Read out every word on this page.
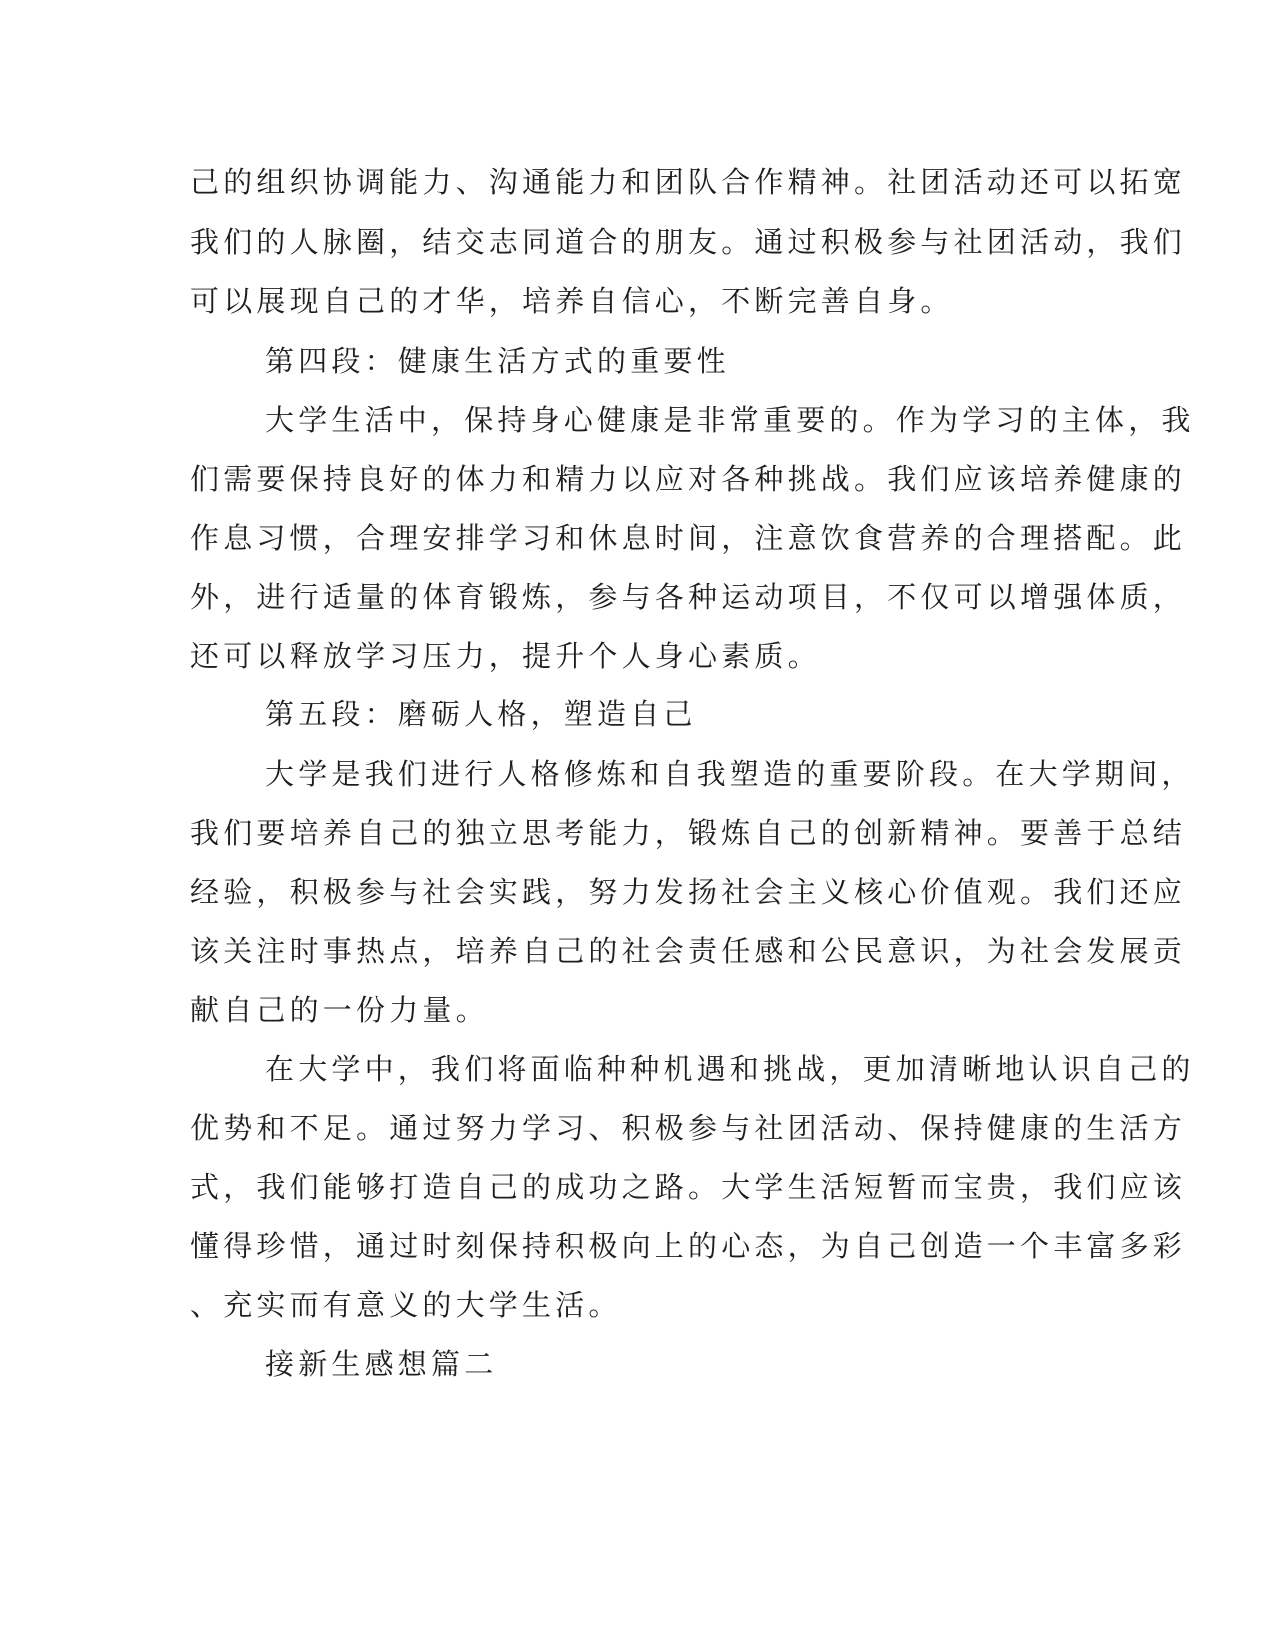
己的组织协调能力、沟通能力和团队合作精神。社团活动还可以拓宽

我们的人脉圈，结交志同道合的朋友。通过积极参与社团活动，我们

可以展现自己的才华，培养自信心，不断完善自身。

第四段：健康生活方式的重要性

大学生活中，保持身心健康是非常重要的。作为学习的主体，我

们需要保持良好的体力和精力以应对各种挑战。我们应该培养健康的

作息习惯，合理安排学习和休息时间，注意饮食营养的合理搭配。此

外，进行适量的体育锻炼，参与各种运动项目，不仅可以增强体质，

还可以释放学习压力，提升个人身心素质。

第五段：磨砺人格，塑造自己

大学是我们进行人格修炼和自我塑造的重要阶段。在大学期间，

我们要培养自己的独立思考能力，锻炼自己的创新精神。要善于总结

经验，积极参与社会实践，努力发扬社会主义核心价值观。我们还应

该关注时事热点，培养自己的社会责任感和公民意识，为社会发展贡

献自己的一份力量。

在大学中，我们将面临种种机遇和挑战，更加清晰地认识自己的

优势和不足。通过努力学习、积极参与社团活动、保持健康的生活方

式，我们能够打造自己的成功之路。大学生活短暂而宝贵，我们应该

懂得珍惜，通过时刻保持积极向上的心态，为自己创造一个丰富多彩

、充实而有意义的大学生活。

接新生感想篇二
